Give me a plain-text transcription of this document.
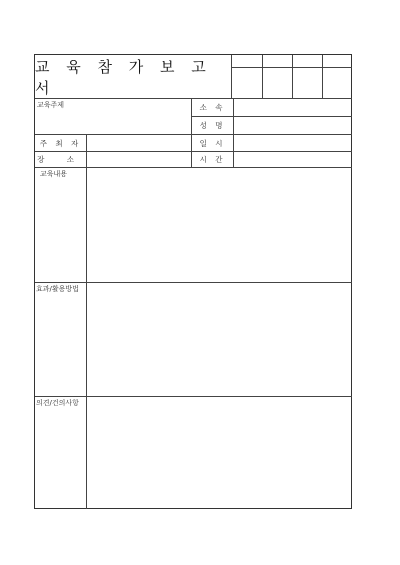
교 육 참 가 보 고 서
교육주제	소 속
성 명
주 최 자	일 시
장 소	시 간
교육내용
효과/활용방법
의견/건의사항
